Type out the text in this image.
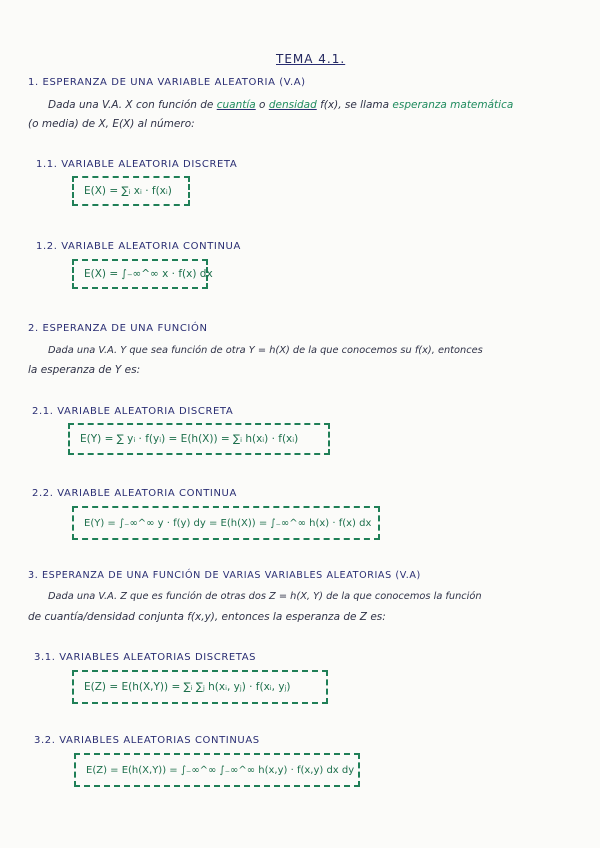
TEMA 4.1.
1. ESPERANZA DE UNA VARIABLE ALEATORIA (V.A)
Dada una V.A. X con función de cuantía o densidad f(x), se llama esperanza matemática
(o media) de X, E(X) al número:
1.1. VARIABLE ALEATORIA DISCRETA
E(X) = ∑ᵢ xᵢ · f(xᵢ)
1.2. VARIABLE ALEATORIA CONTINUA
E(X) = ∫₋∞^∞ x · f(x) dx
2. ESPERANZA DE UNA FUNCIÓN
Dada una V.A. Y que sea función de otra Y = h(X) de la que conocemos su f(x), entonces
la esperanza de Y es:
2.1. VARIABLE ALEATORIA DISCRETA
E(Y) = ∑ yᵢ · f(yᵢ) = E(h(X)) = ∑ᵢ h(xᵢ) · f(xᵢ)
2.2. VARIABLE ALEATORIA CONTINUA
E(Y) = ∫₋∞^∞ y · f(y) dy = E(h(X)) = ∫₋∞^∞ h(x) · f(x) dx
3. ESPERANZA DE UNA FUNCIÓN DE VARIAS VARIABLES ALEATORIAS (V.A)
Dada una V.A. Z que es función de otras dos Z = h(X, Y) de la que conocemos la función
de cuantía/densidad conjunta f(x,y), entonces la esperanza de Z es:
3.1. VARIABLES ALEATORIAS DISCRETAS
E(Z) = E(h(X,Y)) = ∑ᵢ ∑ⱼ h(xᵢ, yⱼ) · f(xᵢ, yⱼ)
3.2. VARIABLES ALEATORIAS CONTINUAS
E(Z) = E(h(X,Y)) = ∫₋∞^∞ ∫₋∞^∞ h(x,y) · f(x,y) dx dy
